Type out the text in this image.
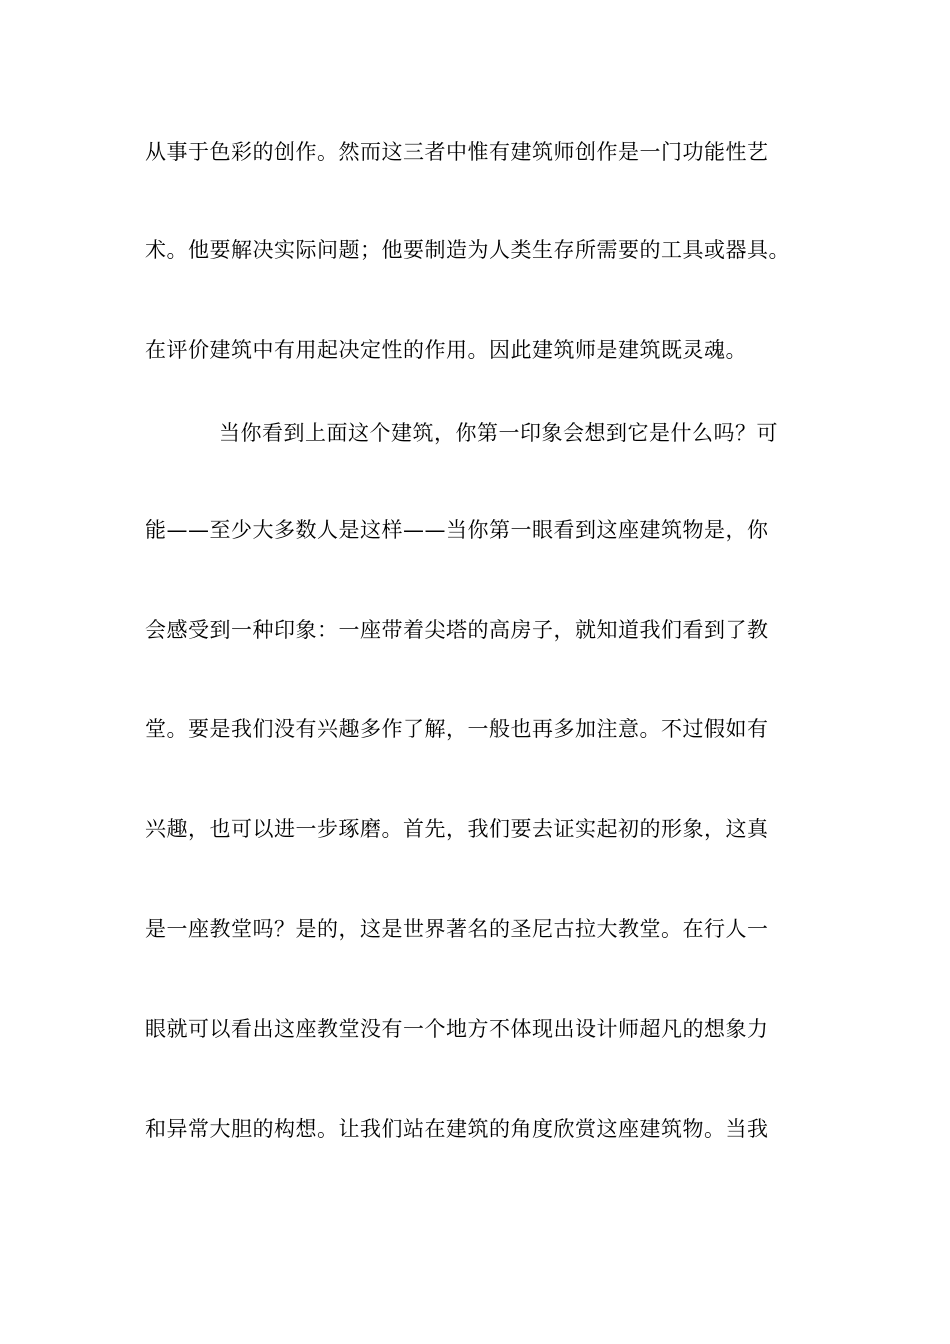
从事于色彩的创作。然而这三者中惟有建筑师创作是一门功能性艺
术。他要解决实际问题；他要制造为人类生存所需要的工具或器具。
在评价建筑中有用起决定性的作用。因此建筑师是建筑既灵魂。
当你看到上面这个建筑，你第一印象会想到它是什么吗？可
能——至少大多数人是这样——当你第一眼看到这座建筑物是，你
会感受到一种印象：一座带着尖塔的高房子，就知道我们看到了教
堂。要是我们没有兴趣多作了解，一般也再多加注意。不过假如有
兴趣，也可以进一步琢磨。首先，我们要去证实起初的形象，这真
是一座教堂吗？是的，这是世界著名的圣尼古拉大教堂。在行人一
眼就可以看出这座教堂没有一个地方不体现出设计师超凡的想象力
和异常大胆的构想。让我们站在建筑的角度欣赏这座建筑物。当我
